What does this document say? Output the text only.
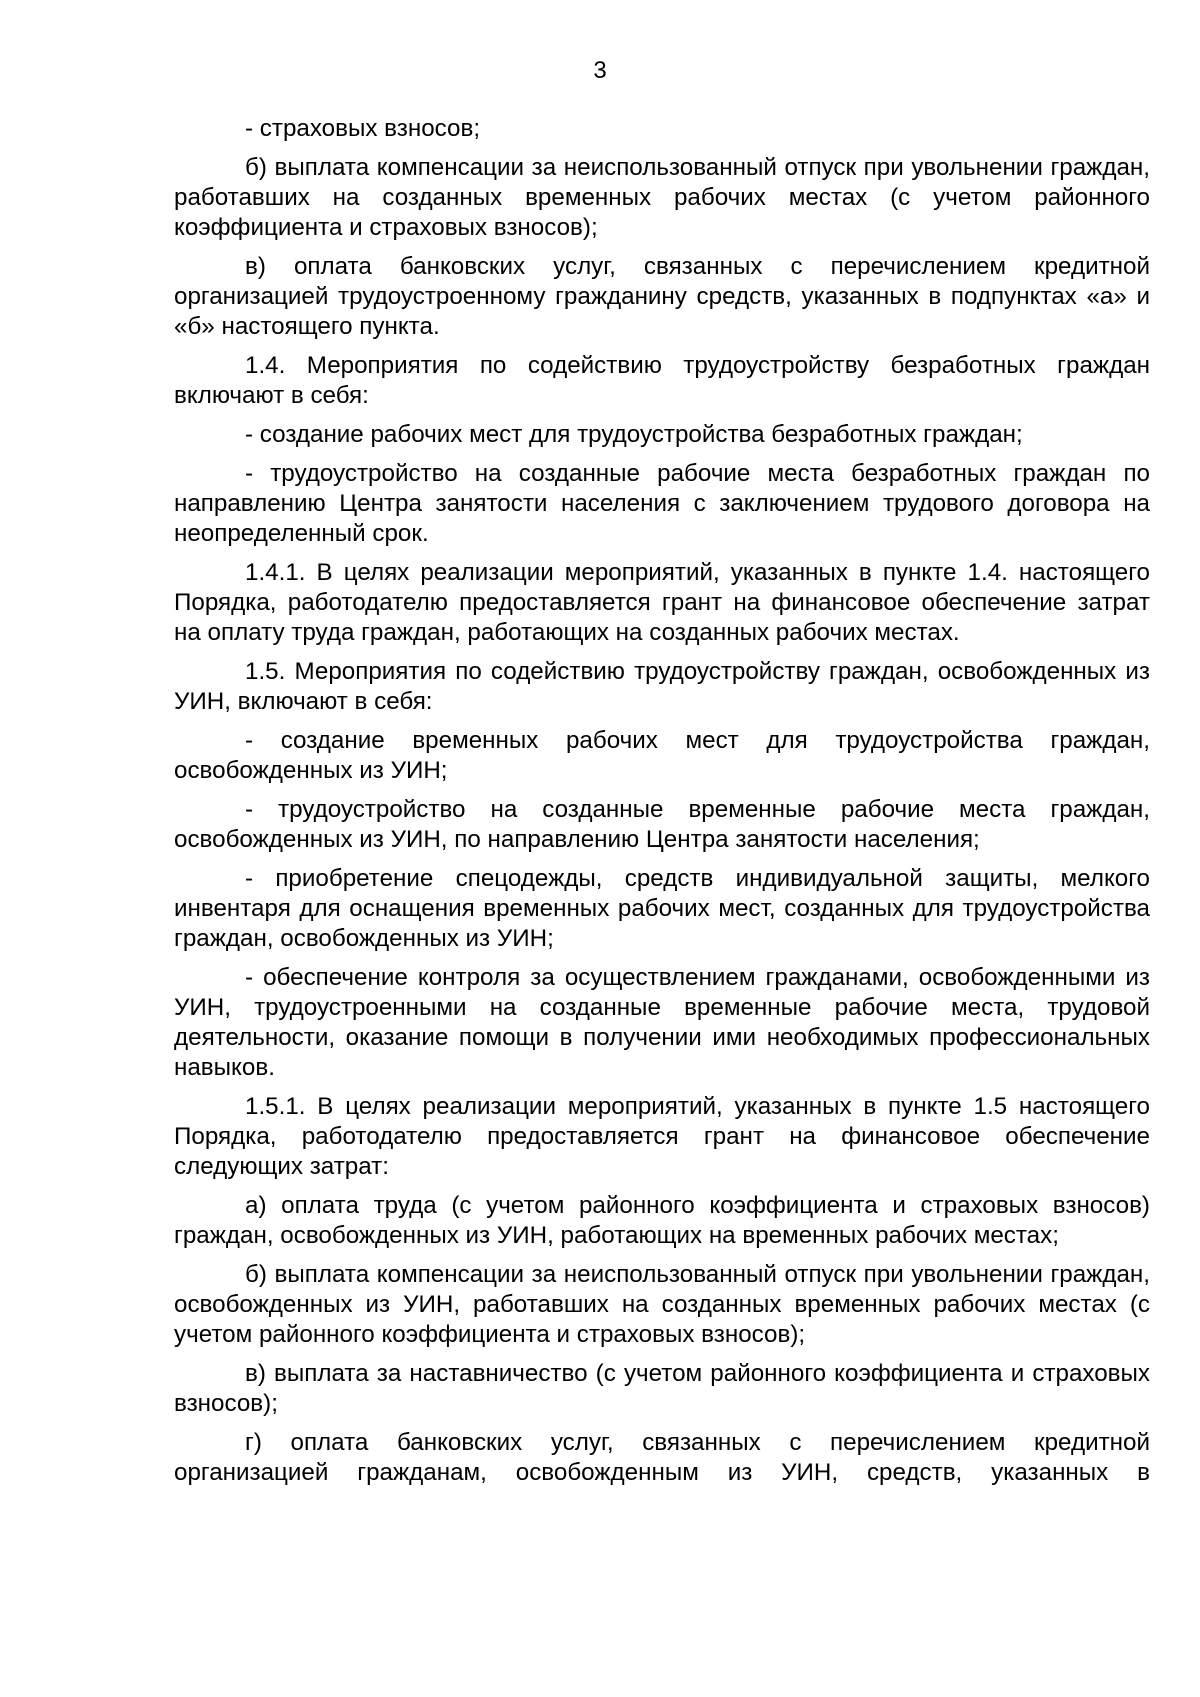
3

- страховых взносов;

б) выплата компенсации за неиспользованный отпуск при увольнении граждан, работавших на созданных временных рабочих местах (с учетом районного коэффициента и страховых взносов);

в) оплата банковских услуг, связанных с перечислением кредитной организацией трудоустроенному гражданину средств, указанных в подпунктах «а» и «б» настоящего пункта.

1.4. Мероприятия по содействию трудоустройству безработных граждан включают в себя:

- создание рабочих мест для трудоустройства безработных граждан;

- трудоустройство на созданные рабочие места безработных граждан по направлению Центра занятости населения с заключением трудового договора на неопределенный срок.

1.4.1. В целях реализации мероприятий, указанных в пункте 1.4. настоящего Порядка, работодателю предоставляется грант на финансовое обеспечение затрат на оплату труда граждан, работающих на созданных рабочих местах.

1.5. Мероприятия по содействию трудоустройству граждан, освобожденных из УИН, включают в себя:

- создание временных рабочих мест для трудоустройства граждан, освобожденных из УИН;

- трудоустройство на созданные временные рабочие места граждан, освобожденных из УИН, по направлению Центра занятости населения;

- приобретение спецодежды, средств индивидуальной защиты, мелкого инвентаря для оснащения временных рабочих мест, созданных для трудоустройства граждан, освобожденных из УИН;

- обеспечение контроля за осуществлением гражданами, освобожденными из УИН, трудоустроенными на созданные временные рабочие места, трудовой деятельности, оказание помощи в получении ими необходимых профессиональных навыков.

1.5.1. В целях реализации мероприятий, указанных в пункте 1.5 настоящего Порядка, работодателю предоставляется грант на финансовое обеспечение следующих затрат:

а) оплата труда (с учетом районного коэффициента и страховых взносов) граждан, освобожденных из УИН, работающих на временных рабочих местах;

б) выплата компенсации за неиспользованный отпуск при увольнении граждан, освобожденных из УИН, работавших на созданных временных рабочих местах (с учетом районного коэффициента и страховых взносов);

в) выплата за наставничество (с учетом районного коэффициента и страховых взносов);

г) оплата банковских услуг, связанных с перечислением кредитной организацией гражданам, освобожденным из УИН, средств, указанных в
